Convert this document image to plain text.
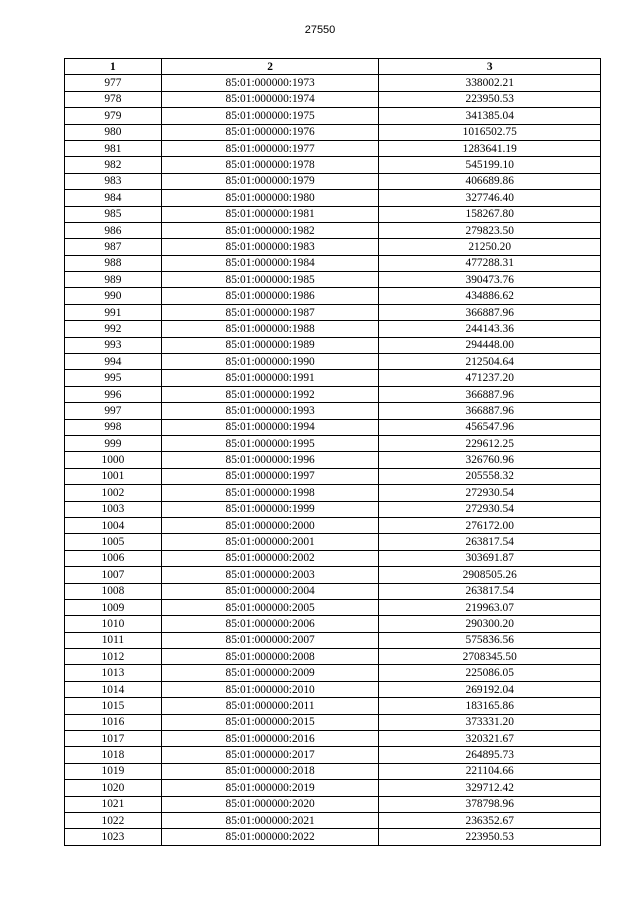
27550
1	2	3
977	85:01:000000:1973	338002.21
978	85:01:000000:1974	223950.53
979	85:01:000000:1975	341385.04
980	85:01:000000:1976	1016502.75
981	85:01:000000:1977	1283641.19
982	85:01:000000:1978	545199.10
983	85:01:000000:1979	406689.86
984	85:01:000000:1980	327746.40
985	85:01:000000:1981	158267.80
986	85:01:000000:1982	279823.50
987	85:01:000000:1983	21250.20
988	85:01:000000:1984	477288.31
989	85:01:000000:1985	390473.76
990	85:01:000000:1986	434886.62
991	85:01:000000:1987	366887.96
992	85:01:000000:1988	244143.36
993	85:01:000000:1989	294448.00
994	85:01:000000:1990	212504.64
995	85:01:000000:1991	471237.20
996	85:01:000000:1992	366887.96
997	85:01:000000:1993	366887.96
998	85:01:000000:1994	456547.96
999	85:01:000000:1995	229612.25
1000	85:01:000000:1996	326760.96
1001	85:01:000000:1997	205558.32
1002	85:01:000000:1998	272930.54
1003	85:01:000000:1999	272930.54
1004	85:01:000000:2000	276172.00
1005	85:01:000000:2001	263817.54
1006	85:01:000000:2002	303691.87
1007	85:01:000000:2003	2908505.26
1008	85:01:000000:2004	263817.54
1009	85:01:000000:2005	219963.07
1010	85:01:000000:2006	290300.20
1011	85:01:000000:2007	575836.56
1012	85:01:000000:2008	2708345.50
1013	85:01:000000:2009	225086.05
1014	85:01:000000:2010	269192.04
1015	85:01:000000:2011	183165.86
1016	85:01:000000:2015	373331.20
1017	85:01:000000:2016	320321.67
1018	85:01:000000:2017	264895.73
1019	85:01:000000:2018	221104.66
1020	85:01:000000:2019	329712.42
1021	85:01:000000:2020	378798.96
1022	85:01:000000:2021	236352.67
1023	85:01:000000:2022	223950.53
